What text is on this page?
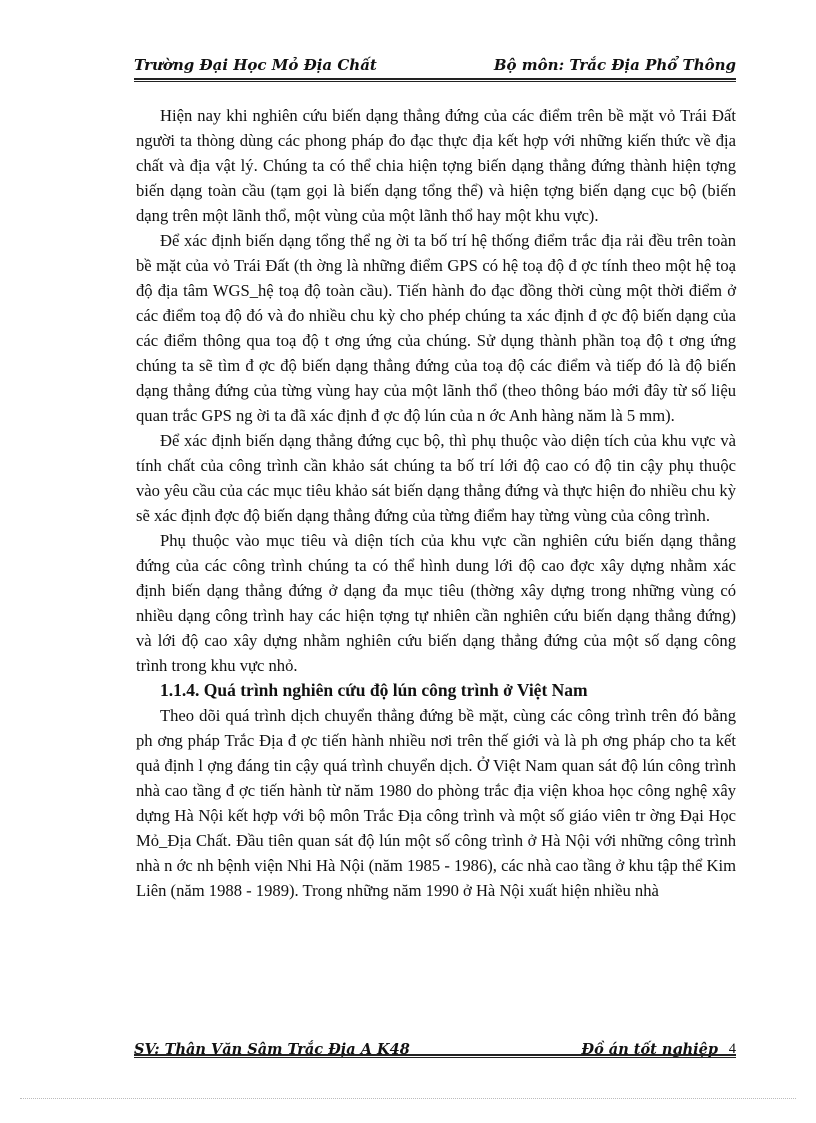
Trường Đại Học Mỏ Địa Chất	Bộ môn: Trắc Địa Phổ Thông

Hiện nay khi nghiên cứu biến dạng thẳng đứng của các điểm trên bề mặt vỏ Trái Đất người ta thòng dùng các phong pháp đo đạc thực địa kết hợp với những kiến thức về địa chất và địa vật lý. Chúng ta có thể chia hiện tợng biến dạng thẳng đứng thành hiện tợng biến dạng toàn cầu (tạm gọi là biến dạng tổng thể) và hiện tợng biến dạng cục bộ (biến dạng trên một lãnh thổ, một vùng của một lãnh thổ hay một khu vực).

Để xác định biến dạng tổng thể ng ời ta bố trí hệ thống điểm trắc địa rải đều trên toàn bề mặt của vỏ Trái Đất (th ờng là những điểm GPS có hệ toạ độ đ ợc tính theo một hệ toạ độ địa tâm WGS_hệ toạ độ toàn cầu). Tiến hành đo đạc đồng thời cùng một thời điểm ở các điểm toạ độ đó và đo nhiều chu kỳ cho phép chúng ta xác định đ ợc độ biến dạng của các điểm thông qua toạ độ t ơng ứng của chúng. Sử dụng thành phần toạ độ t ơng ứng chúng ta sẽ tìm đ ợc độ biến dạng thẳng đứng của toạ độ các điểm và tiếp đó là độ biến dạng thẳng đứng của từng vùng hay của một lãnh thổ (theo thông báo mới đây từ số liệu quan trắc GPS ng ời ta đã xác định đ ợc độ lún của n ớc Anh hàng năm là 5 mm).

Để xác định biến dạng thẳng đứng cục bộ, thì phụ thuộc vào diện tích của khu vực và tính chất của công trình cần khảo sát chúng ta bố trí lới độ cao có độ tin cậy phụ thuộc vào yêu cầu của các mục tiêu khảo sát biến dạng thẳng đứng và thực hiện đo nhiều chu kỳ sẽ xác định đợc độ biến dạng thẳng đứng của từng điểm hay từng vùng của công trình.

Phụ thuộc vào mục tiêu và diện tích của khu vực cần nghiên cứu biến dạng thẳng đứng của các công trình chúng ta có thể hình dung lới độ cao đợc xây dựng nhằm xác định biến dạng thẳng đứng ở dạng đa mục tiêu (thờng xây dựng trong những vùng có nhiều dạng công trình hay các hiện tợng tự nhiên cần nghiên cứu biến dạng thẳng đứng) và lới độ cao xây dựng nhằm nghiên cứu biến dạng thẳng đứng của một số dạng công trình trong khu vực nhỏ.

1.1.4. Quá trình nghiên cứu độ lún công trình ở Việt Nam

Theo dõi quá trình dịch chuyển thẳng đứng bề mặt, cùng các công trình trên đó bằng ph ơng pháp Trắc Địa đ ợc tiến hành nhiều nơi trên thế giới và là ph ơng pháp cho ta kết quả định l ợng đáng tin cậy quá trình chuyển dịch. Ở Việt Nam quan sát độ lún công trình nhà cao tầng đ ợc tiến hành từ năm 1980 do phòng trắc địa viện khoa học công nghệ xây dựng Hà Nội kết hợp với bộ môn Trắc Địa công trình và một số giáo viên tr ờng Đại Học Mỏ_Địa Chất. Đầu tiên quan sát độ lún một số công trình ở Hà Nội với những công trình nhà n ớc nh bệnh viện Nhi Hà Nội (năm 1985 - 1986), các nhà cao tầng ở khu tập thể Kim Liên (năm 1988 - 1989). Trong những năm 1990 ở Hà Nội xuất hiện nhiều nhà

SV: Thân Văn Sâm Trắc Địa A K48	Đồ án tốt nghiệp 4
